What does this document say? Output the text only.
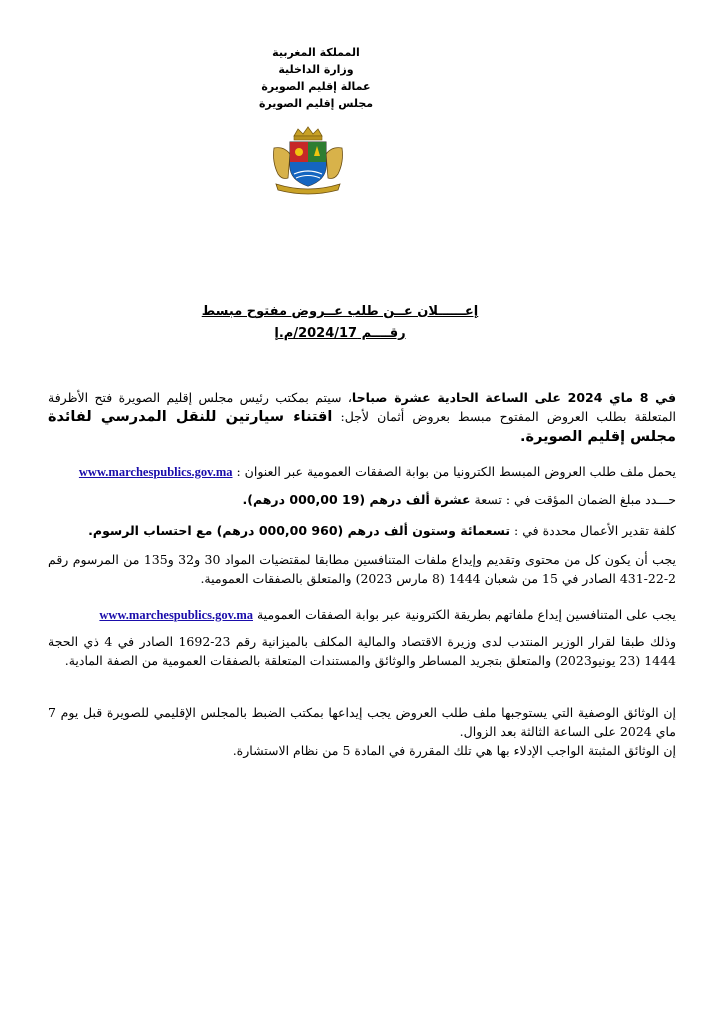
المملكة المغربية
وزارة الداخلية
عمالة إقليم الصويرة
مجلس إقليم الصويرة
إعــــــلان عــن طلب عــروض مفتوح مبسط
رقــــم 2024/17/م.إ
في 8 ماي 2024 على الساعة الحادية عشرة صباحا، سيتم بمكتب رئيس مجلس إقليم الصويرة فتح الأظرفة المتعلقة بطلب العروض المفتوح مبسط بعروض أثمان لأجل: اقتناء سيارتين للنقل المدرسي لفائدة مجلس إقليم الصويرة.
يحمل ملف طلب العروض المبسط الكترونيا من بوابة الصفقات العمومية عبر العنوان : www.marchespublics.gov.ma
حـــدد مبلغ الضمان المؤقت في : تسعة عشرة ألف درهم (19 000,00 درهم).
كلفة تقدير الأعمال محددة في : تسعمائة وستون ألف درهم (960 000,00 درهم) مع احتساب الرسوم.
يجب أن يكون كل من محتوى وتقديم وإيداع ملفات المتنافسين مطابقا لمقتضيات المواد 30 و32 و135 من المرسوم رقم 2-22-431 الصادر في 15 من شعبان 1444 (8 مارس 2023) والمتعلق بالصفقات العمومية.
يجب على المتنافسين إيداع ملفاتهم بطريقة الكترونية عبر بوابة الصفقات العمومية www.marchespublics.gov.ma
وذلك طبقا لقرار الوزير المنتدب لدى وزيرة الاقتصاد والمالية المكلف بالميزانية رقم 23-1692 الصادر في 4 ذي الحجة 1444 (23 يونيو2023) والمتعلق بتجريد المساطر والوثائق والمستندات المتعلقة بالصفقات العمومية من الصفة المادية.
إن الوثائق الوصفية التي يستوجبها ملف طلب العروض يجب إيداعها بمكتب الضبط بالمجلس الإقليمي للصويرة قبل يوم 7 ماي 2024 على الساعة الثالثة بعد الزوال.
إن الوثائق المثبتة الواجب الإدلاء بها هي تلك المقررة في المادة 5 من نظام الاستشارة.
